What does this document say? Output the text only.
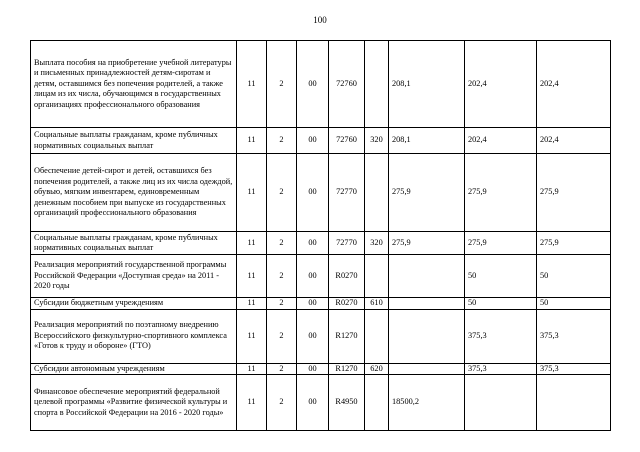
100
Выплата пособия на приобретение учебной литературы и письменных принадлежностей детям-сиротам и детям, оставшимся без попечения родителей, а также лицам из их числа, обучающимся в государственных организациях профессионального образования	11	2	00	72760		208,1	202,4	202,4
Социальные выплаты гражданам, кроме публичных нормативных социальных выплат	11	2	00	72760	320	208,1	202,4	202,4
Обеспечение детей-сирот и детей, оставшихся без попечения родителей, а также лиц из их числа одеждой, обувью, мягким инвентарем, единовременным денежным пособием при выпуске из государственных организаций профессионального образования	11	2	00	72770		275,9	275,9	275,9
Социальные выплаты гражданам, кроме публичных нормативных социальных выплат	11	2	00	72770	320	275,9	275,9	275,9
Реализация мероприятий государственной программы Российской Федерации «Доступная среда» на 2011 - 2020 годы	11	2	00	R0270			50	50
Субсидии бюджетным учреждениям	11	2	00	R0270	610		50	50
Реализация мероприятий по поэтапному внедрению Всероссийского физкультурно-спортивного комплекса «Готов к труду и обороне» (ГТО)	11	2	00	R1270			375,3	375,3
Субсидии автономным учреждениям	11	2	00	R1270	620		375,3	375,3
Финансовое обеспечение мероприятий федеральной целевой программы «Развитие физической культуры и спорта в Российской Федерации на 2016 - 2020 годы»	11	2	00	R4950		18500,2		
